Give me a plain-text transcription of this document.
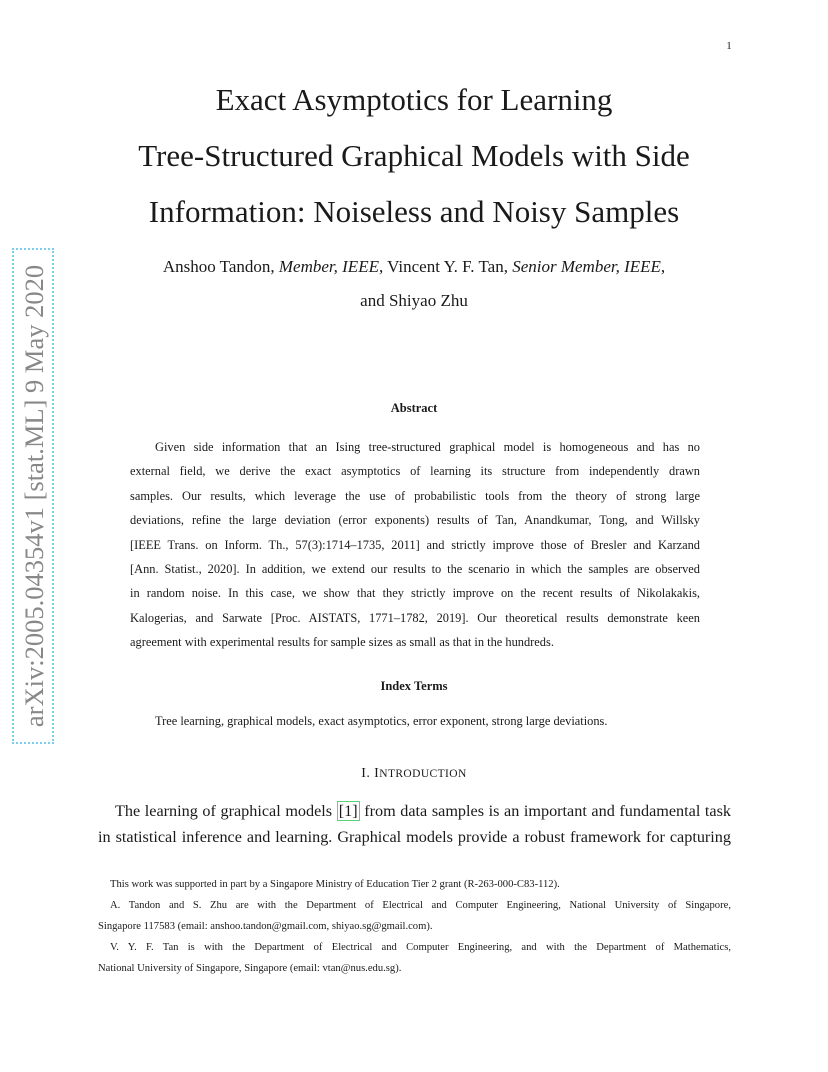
1
arXiv:2005.04354v1 [stat.ML] 9 May 2020
Exact Asymptotics for Learning
Tree-Structured Graphical Models with Side
Information: Noiseless and Noisy Samples
Anshoo Tandon, Member, IEEE, Vincent Y. F. Tan, Senior Member, IEEE,
and Shiyao Zhu
Abstract
Given side information that an Ising tree-structured graphical model is homogeneous and has no
external field, we derive the exact asymptotics of learning its structure from independently drawn
samples. Our results, which leverage the use of probabilistic tools from the theory of strong large
deviations, refine the large deviation (error exponents) results of Tan, Anandkumar, Tong, and Willsky
[IEEE Trans. on Inform. Th., 57(3):1714–1735, 2011] and strictly improve those of Bresler and Karzand
[Ann. Statist., 2020]. In addition, we extend our results to the scenario in which the samples are observed
in random noise. In this case, we show that they strictly improve on the recent results of Nikolakakis,
Kalogerias, and Sarwate [Proc. AISTATS, 1771–1782, 2019]. Our theoretical results demonstrate keen
agreement with experimental results for sample sizes as small as that in the hundreds.
Index Terms
Tree learning, graphical models, exact asymptotics, error exponent, strong large deviations.
I. INTRODUCTION
The learning of graphical models [1] from data samples is an important and fundamental task
in statistical inference and learning. Graphical models provide a robust framework for capturing
This work was supported in part by a Singapore Ministry of Education Tier 2 grant (R-263-000-C83-112).
A. Tandon and S. Zhu are with the Department of Electrical and Computer Engineering, National University of Singapore,
Singapore 117583 (email: anshoo.tandon@gmail.com, shiyao.sg@gmail.com).
V. Y. F. Tan is with the Department of Electrical and Computer Engineering, and with the Department of Mathematics,
National University of Singapore, Singapore (email: vtan@nus.edu.sg).
